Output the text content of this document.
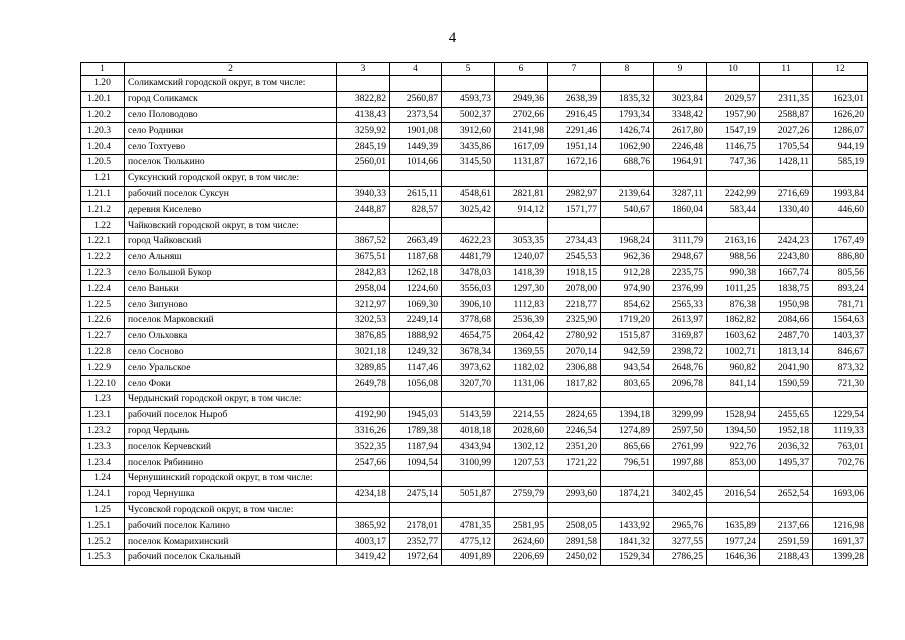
4
1	2	3	4	5	6	7	8	9	10	11	12
1.20	Соликамский городской округ, в том числе:										
1.20.1	город Соликамск	3822,82	2560,87	4593,73	2949,36	2638,39	1835,32	3023,84	2029,57	2311,35	1623,01
1.20.2	село Половодово	4138,43	2373,54	5002,37	2702,66	2916,45	1793,34	3348,42	1957,90	2588,87	1626,20
1.20.3	село Родники	3259,92	1901,08	3912,60	2141,98	2291,46	1426,74	2617,80	1547,19	2027,26	1286,07
1.20.4	село Тохтуево	2845,19	1449,39	3435,86	1617,09	1951,14	1062,90	2246,48	1146,75	1705,54	944,19
1.20.5	поселок Тюлькино	2560,01	1014,66	3145,50	1131,87	1672,16	688,76	1964,91	747,36	1428,11	585,19
1.21	Суксунский городской округ, в том числе:										
1.21.1	рабочий поселок Суксун	3940,33	2615,11	4548,61	2821,81	2982,97	2139,64	3287,11	2242,99	2716,69	1993,84
1.21.2	деревня Киселево	2448,87	828,57	3025,42	914,12	1571,77	540,67	1860,04	583,44	1330,40	446,60
1.22	Чайковский городской округ, в том числе:										
1.22.1	город Чайковский	3867,52	2663,49	4622,23	3053,35	2734,43	1968,24	3111,79	2163,16	2424,23	1767,49
1.22.2	село Альняш	3675,51	1187,68	4481,79	1240,07	2545,53	962,36	2948,67	988,56	2243,80	886,80
1.22.3	село Большой Букор	2842,83	1262,18	3478,03	1418,39	1918,15	912,28	2235,75	990,38	1667,74	805,56
1.22.4	село Ваньки	2958,04	1224,60	3556,03	1297,30	2078,00	974,90	2376,99	1011,25	1838,75	893,24
1.22.5	село Зипуново	3212,97	1069,30	3906,10	1112,83	2218,77	854,62	2565,33	876,38	1950,98	781,71
1.22.6	поселок Марковский	3202,53	2249,14	3778,68	2536,39	2325,90	1719,20	2613,97	1862,82	2084,66	1564,63
1.22.7	село Ольховка	3876,85	1888,92	4654,75	2064,42	2780,92	1515,87	3169,87	1603,62	2487,70	1403,37
1.22.8	село Сосново	3021,18	1249,32	3678,34	1369,55	2070,14	942,59	2398,72	1002,71	1813,14	846,67
1.22.9	село Уральское	3289,85	1147,46	3973,62	1182,02	2306,88	943,54	2648,76	960,82	2041,90	873,32
1.22.10	село Фоки	2649,78	1056,08	3207,70	1131,06	1817,82	803,65	2096,78	841,14	1590,59	721,30
1.23	Чердынский городской округ, в том числе:										
1.23.1	рабочий поселок Ныроб	4192,90	1945,03	5143,59	2214,55	2824,65	1394,18	3299,99	1528,94	2455,65	1229,54
1.23.2	город Чердынь	3316,26	1789,38	4018,18	2028,60	2246,54	1274,89	2597,50	1394,50	1952,18	1119,33
1.23.3	поселок Керчевский	3522,35	1187,94	4343,94	1302,12	2351,20	865,66	2761,99	922,76	2036,32	763,01
1.23.4	поселок Рябинино	2547,66	1094,54	3100,99	1207,53	1721,22	796,51	1997,88	853,00	1495,37	702,76
1.24	Чернушинский городской округ, в том числе:										
1.24.1	город Чернушка	4234,18	2475,14	5051,87	2759,79	2993,60	1874,21	3402,45	2016,54	2652,54	1693,06
1.25	Чусовской городской округ, в том числе:										
1.25.1	рабочий поселок Калино	3865,92	2178,01	4781,35	2581,95	2508,05	1433,92	2965,76	1635,89	2137,66	1216,98
1.25.2	поселок Комарихинский	4003,17	2352,77	4775,12	2624,60	2891,58	1841,32	3277,55	1977,24	2591,59	1691,37
1.25.3	рабочий поселок Скальный	3419,42	1972,64	4091,89	2206,69	2450,02	1529,34	2786,25	1646,36	2188,43	1399,28
